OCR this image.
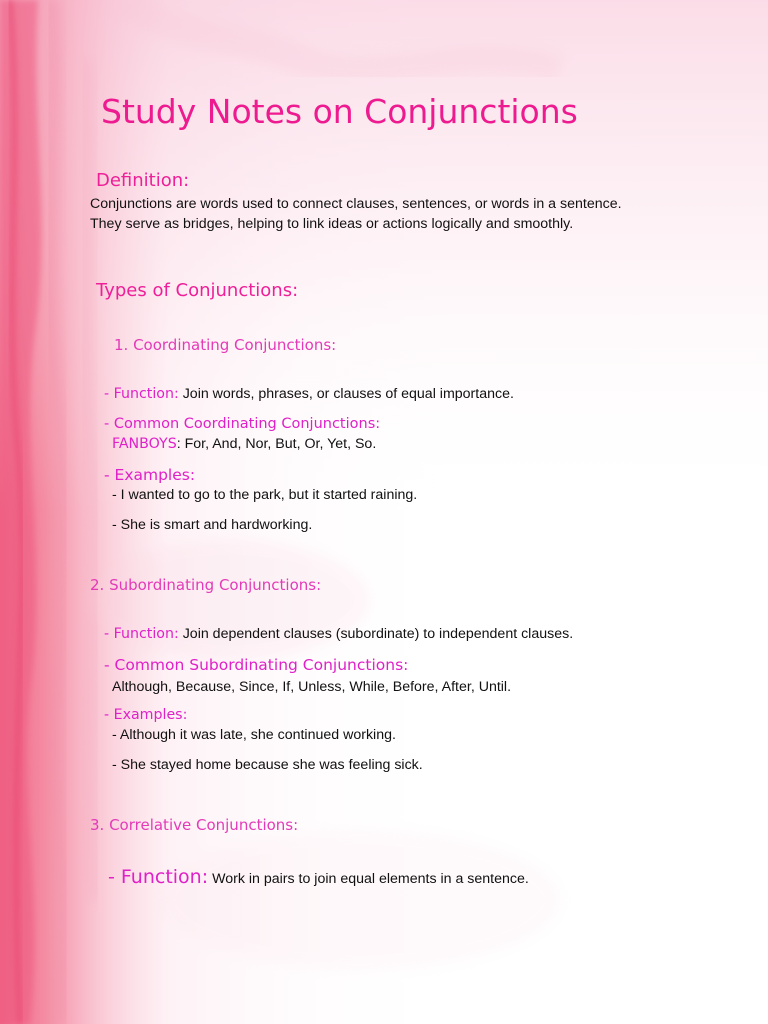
Study Notes on Conjunctions
Definition:
Conjunctions are words used to connect clauses, sentences, or words in a sentence.
They serve as bridges, helping to link ideas or actions logically and smoothly.
Types of Conjunctions:
1. Coordinating Conjunctions:
- Function: Join words, phrases, or clauses of equal importance.
- Common Coordinating Conjunctions:
FANBOYS: For, And, Nor, But, Or, Yet, So.
- Examples:
- I wanted to go to the park, but it started raining.
- She is smart and hardworking.
2. Subordinating Conjunctions:
- Function: Join dependent clauses (subordinate) to independent clauses.
- Common Subordinating Conjunctions:
Although, Because, Since, If, Unless, While, Before, After, Until.
- Examples:
- Although it was late, she continued working.
- She stayed home because she was feeling sick.
3. Correlative Conjunctions:
- Function: Work in pairs to join equal elements in a sentence.
